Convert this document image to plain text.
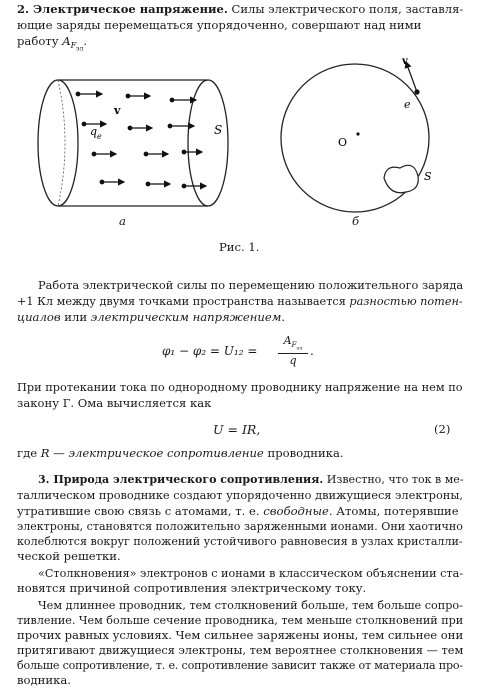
2. Электрическое напряжение. Силы электрического поля, заставля-
ющие заряды перемещаться упорядоченно, совершают над ними
работу $A_{F_{эл}}$.
v
q e	S
O
v
e
S
а	б
Рис. 1.
Работа электрической силы по перемещению положительного заряда
+1 Кл между двумя точками пространства называется разностью потен-
циалов или электрическим напряжением.
φ₁ − φ₂ = U₁₂ =
$A_{F_{эл}}$
q
.
При протекании тока по однородному проводнику напряжение на нем по
закону Г. Ома вычисляется как
U = IR,	(2)
где R — электрическое сопротивление проводника.
3. Природа электрического сопротивления. Известно, что ток в ме-
таллическом проводнике создают упорядоченно движущиеся электроны,
утратившие свою связь с атомами, т. е. свободные. Атомы, потерявшие
электроны, становятся положительно заряженными ионами. Они хаотично
колеблются вокруг положений устойчивого равновесия в узлах кристалли-
ческой решетки.
«Столкновения» электронов с ионами в классическом объяснении ста-
новятся причиной сопротивления электрическому току.
Чем длиннее проводник, тем столкновений больше, тем больше сопро-
тивление. Чем больше сечение проводника, тем меньше столкновений при
прочих равных условиях. Чем сильнее заряжены ионы, тем сильнее они
притягивают движущиеся электроны, тем вероятнее столкновения — тем
больше сопротивление, т. е. сопротивление зависит также от материала про-
водника.
